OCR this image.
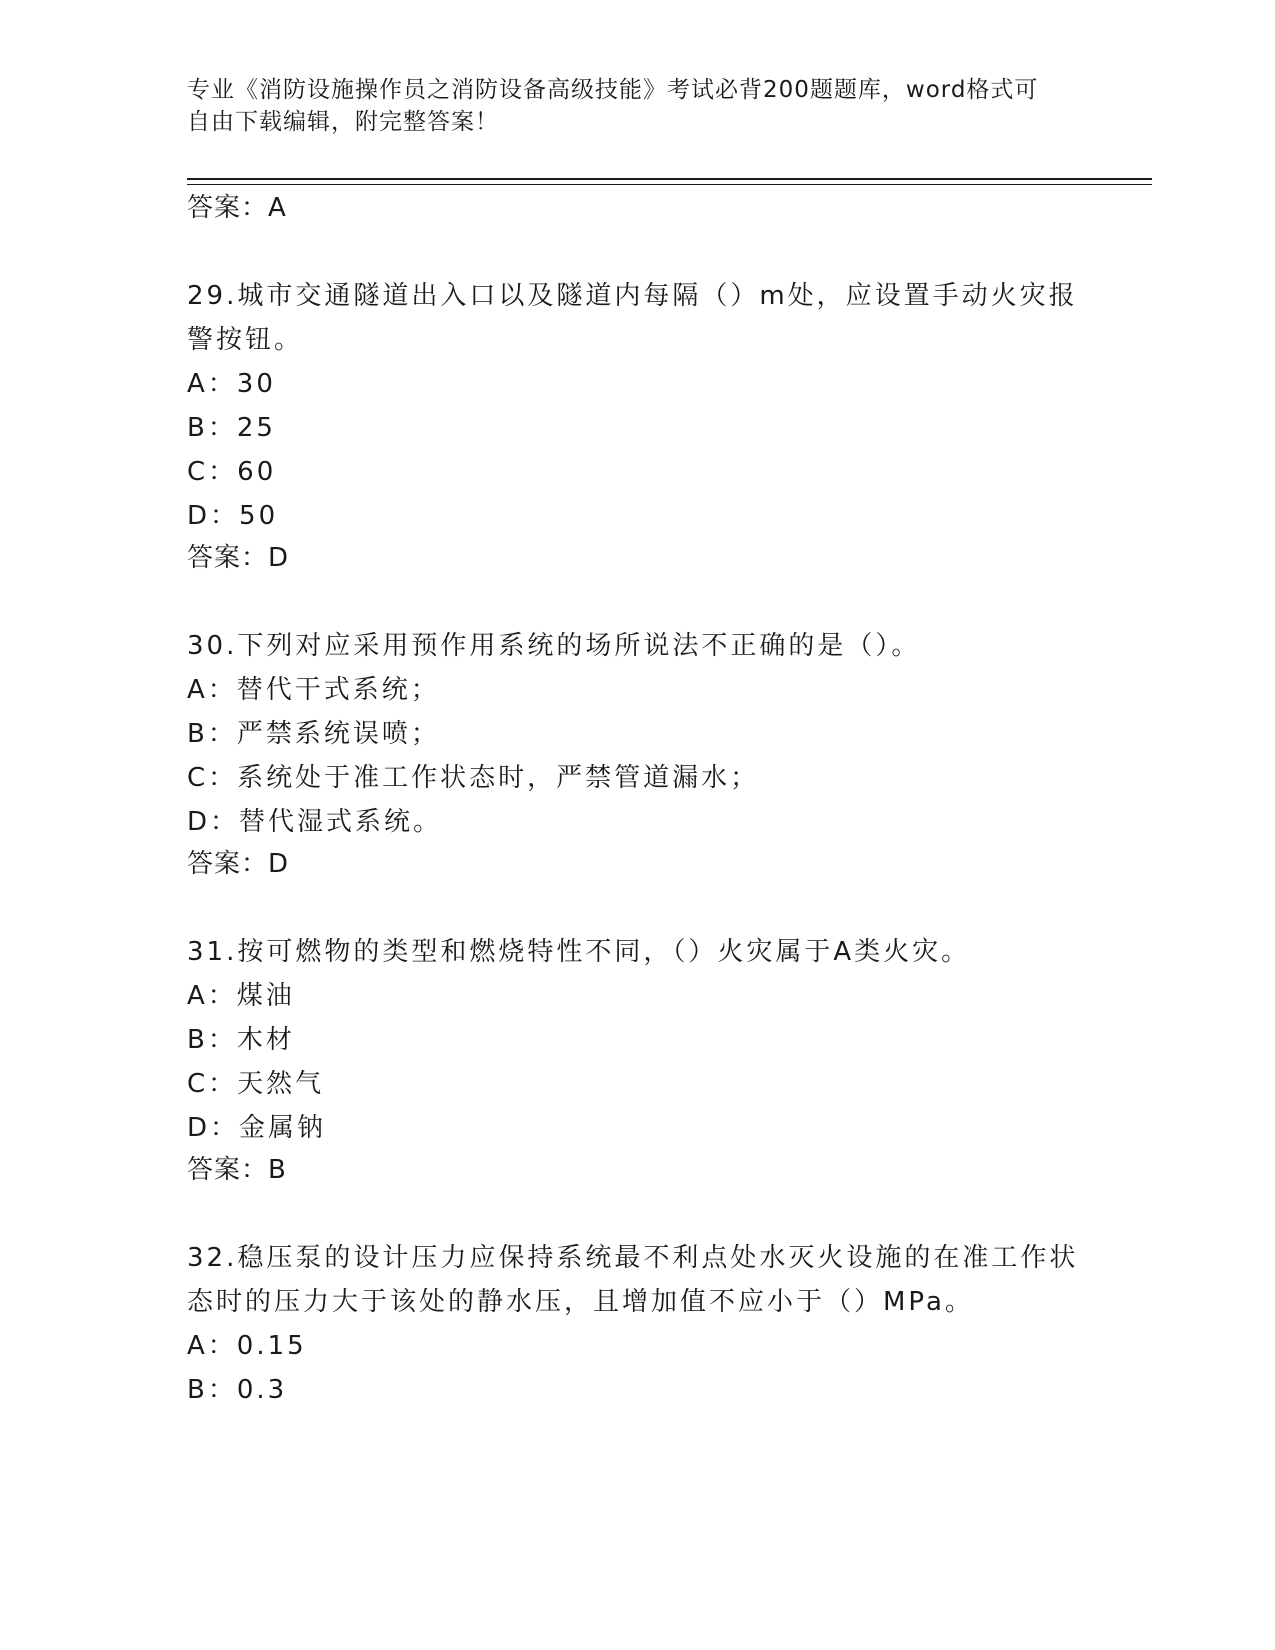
专业《消防设施操作员之消防设备高级技能》考试必背200题题库，word格式可
自由下载编辑，附完整答案！
答案：A
29.城市交通隧道出入口以及隧道内每隔（）m处，应设置手动火灾报
警按钮。
A：30
B：25
C：60
D：50
答案：D
30.下列对应采用预作用系统的场所说法不正确的是（）。
A：替代干式系统；
B：严禁系统误喷；
C：系统处于准工作状态时，严禁管道漏水；
D：替代湿式系统。
答案：D
31.按可燃物的类型和燃烧特性不同，（）火灾属于A类火灾。
A：煤油
B：木材
C：天然气
D：金属钠
答案：B
32.稳压泵的设计压力应保持系统最不利点处水灭火设施的在准工作状
态时的压力大于该处的静水压，且增加值不应小于（）MPa。
A：0.15
B：0.3
